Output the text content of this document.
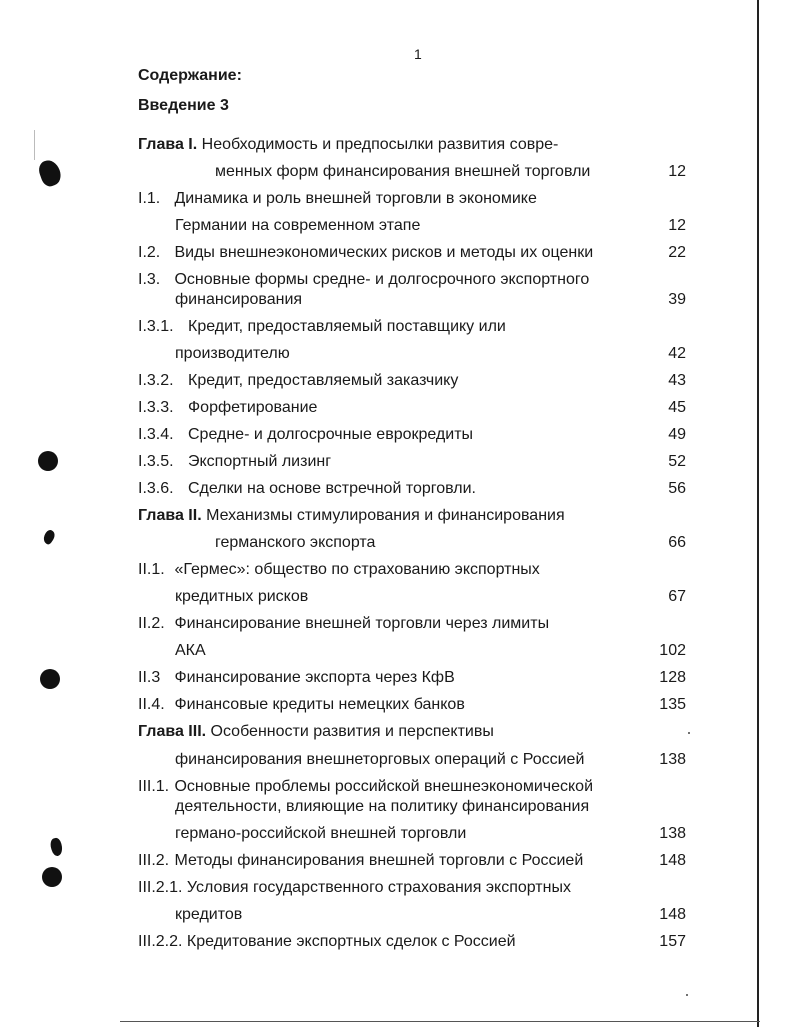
1
Содержание:
Введение 3
Глава I. Необходимость и предпосылки развития совре-
менных форм финансирования внешней торговли	12
I.1. Динамика и роль внешней торговли в экономике
Германии на современном этапе	12
I.2. Виды внешнеэкономических рисков и методы их оценки	22
I.3. Основные формы средне- и долгосрочного экспортного
финансирования	39
I.3.1. Кредит, предоставляемый поставщику или
производителю	42
I.3.2. Кредит, предоставляемый заказчику	43
I.3.3. Форфетирование	45
I.3.4. Средне- и долгосрочные еврокредиты	49
I.3.5. Экспортный лизинг	52
I.3.6. Сделки на основе встречной торговли.	56
Глава II. Механизмы стимулирования и финансирования
германского экспорта	66
II.1. «Гермес»: общество по страхованию экспортных
кредитных рисков	67
II.2. Финансирование внешней торговли через лимиты
АКА	102
II.3 Финансирование экспорта через КфВ	128
II.4. Финансовые кредиты немецких банков	135
Глава III. Особенности развития и перспективы
финансирования внешнеторговых операций с Россией	138
III.1. Основные проблемы российской внешнеэкономической
деятельности, влияющие на политику финансирования
германо-российской внешней торговли	138
III.2. Методы финансирования внешней торговли с Россией	148
III.2.1. Условия государственного страхования экспортных
кредитов	148
III.2.2. Кредитование экспортных сделок с Россией	157
